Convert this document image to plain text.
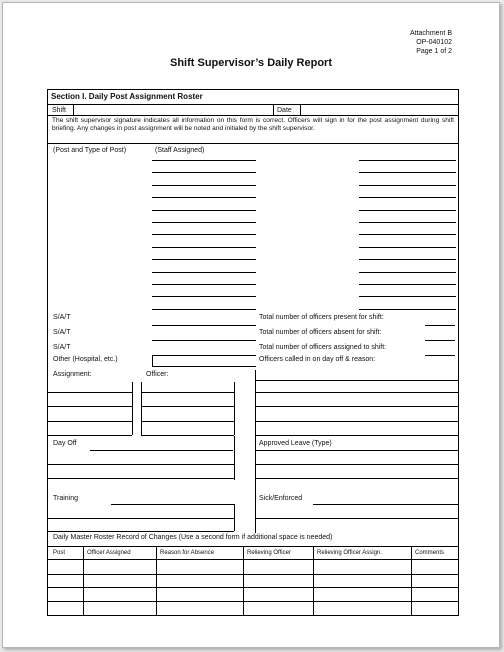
Attachment B
OP-040102
Page 1 of 2
Shift Supervisor’s Daily Report
Section I. Daily Post Assignment Roster
Shift	Date
The shift supervisor signature indicates all information on this form is correct. Officers will sign in for the post assignment during shift briefing. Any changes in post assignment will be noted and initialed by the shift supervisor.
(Post and Type of Post)	(Staff Assigned)
S/A/T
S/A/T
S/A/T
Other (Hospital, etc.)
Total number of officers present for shift:
Total number of officers absent for shift:
Total number of officers assigned to shift:
Officers called in on day off & reason:
Assignment:	Officer:
Day Off	Approved Leave (Type)
Training	Sick/Enforced
Daily Master Roster Record of Changes (Use a second form if additional space is needed)
Post	Officer Assigned	Reason for Absence	Relieving Officer	Relieving Officer Assign.	Comments
